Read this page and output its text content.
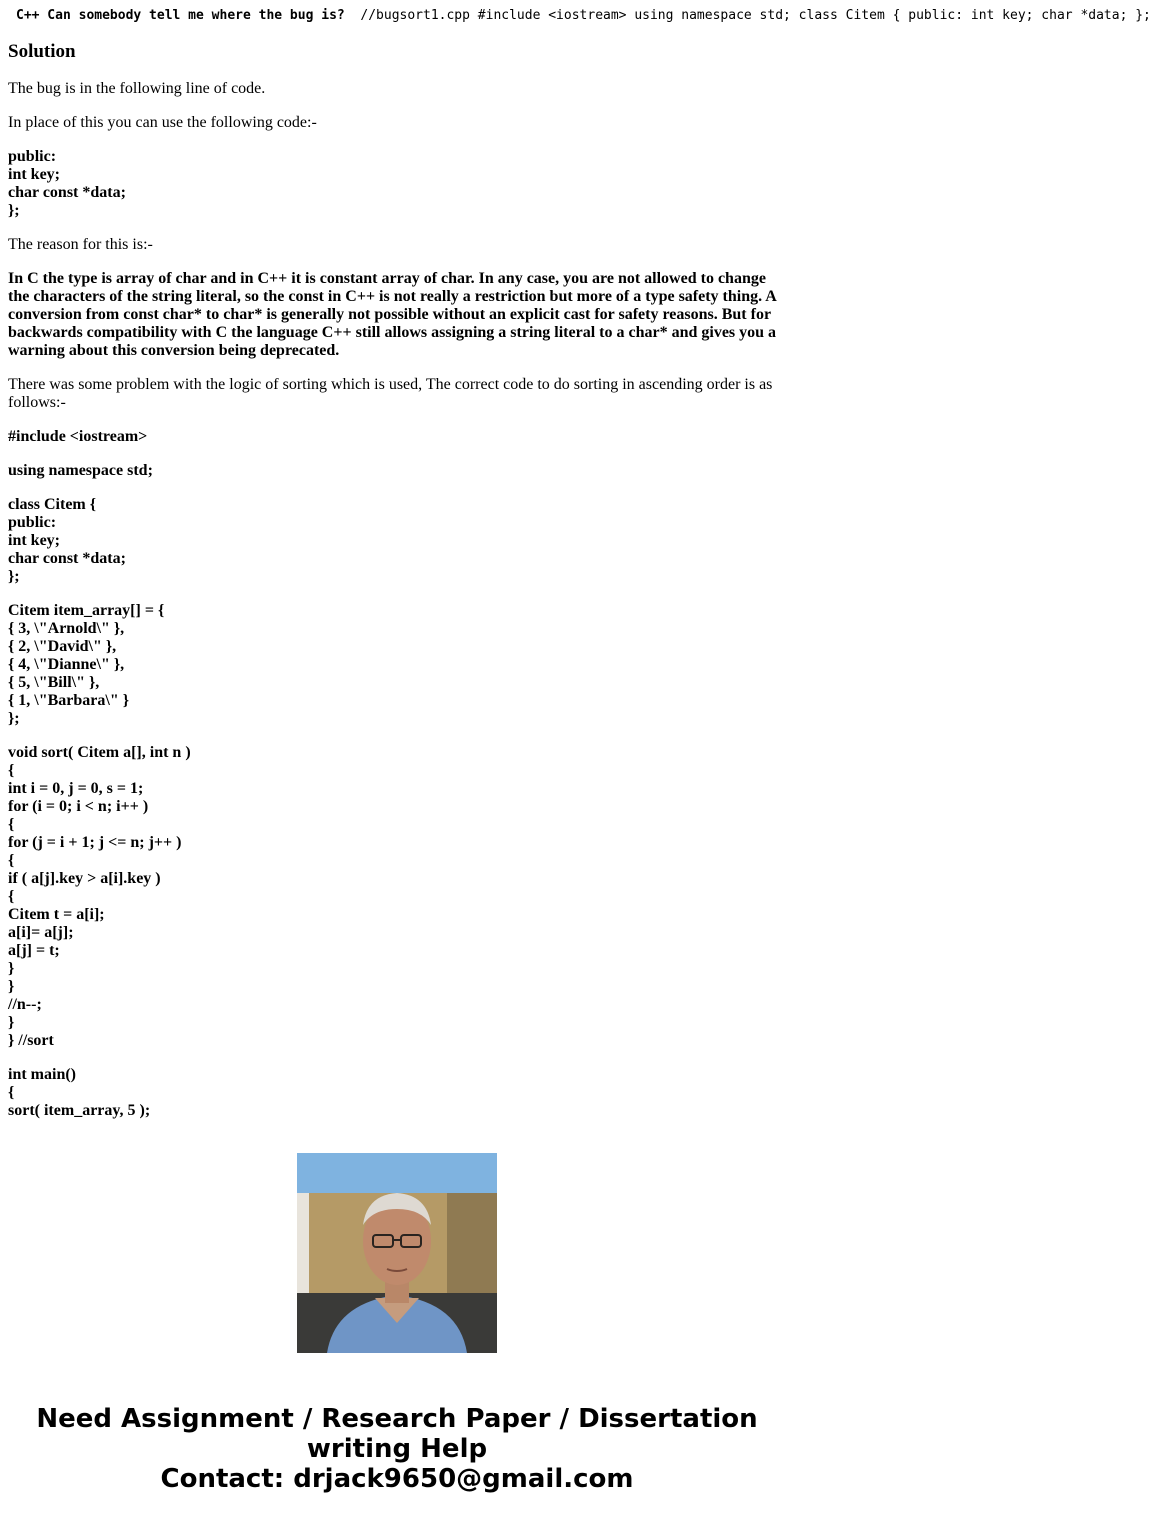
C++ Can somebody tell me where the bug is? //bugsort1.cpp #include <iostream> using namespace std; class Citem { public: int key; char *data; };
Solution

The bug is in the following line of code.

In place of this you can use the following code:-

public:
int key;
char const *data;
};

The reason for this is:-

In C the type is array of char and in C++ it is constant array of char. In any case, you are not allowed to change the characters of the string literal, so the const in C++ is not really a restriction but more of a type safety thing. A conversion from const char* to char* is generally not possible without an explicit cast for safety reasons. But for backwards compatibility with C the language C++ still allows assigning a string literal to a char* and gives you a warning about this conversion being deprecated.

There was some problem with the logic of sorting which is used, The correct code to do sorting in ascending order is as follows:-

#include <iostream>
using namespace std;
class Citem {
public:
int key;
char const *data;
};
Citem item_array[] = {
{ 3, \"Arnold\" },
{ 2, \"David\" },
{ 4, \"Dianne\" },
{ 5, \"Bill\" },
{ 1, \"Barbara\" }
};
void sort( Citem a[], int n )
{
int i = 0, j = 0, s = 1;
for (i = 0; i < n; i++ )
{
for (j = i + 1; j <= n; j++ )
{
if ( a[j].key > a[i].key )
{
Citem t = a[i];
a[i]= a[j];
a[j] = t;
}
}
//n--;
}
} //sort
int main()
{
sort( item_array, 5 );
Need Assignment / Research Paper / Dissertation
writing Help
Contact: drjack9650@gmail.com
